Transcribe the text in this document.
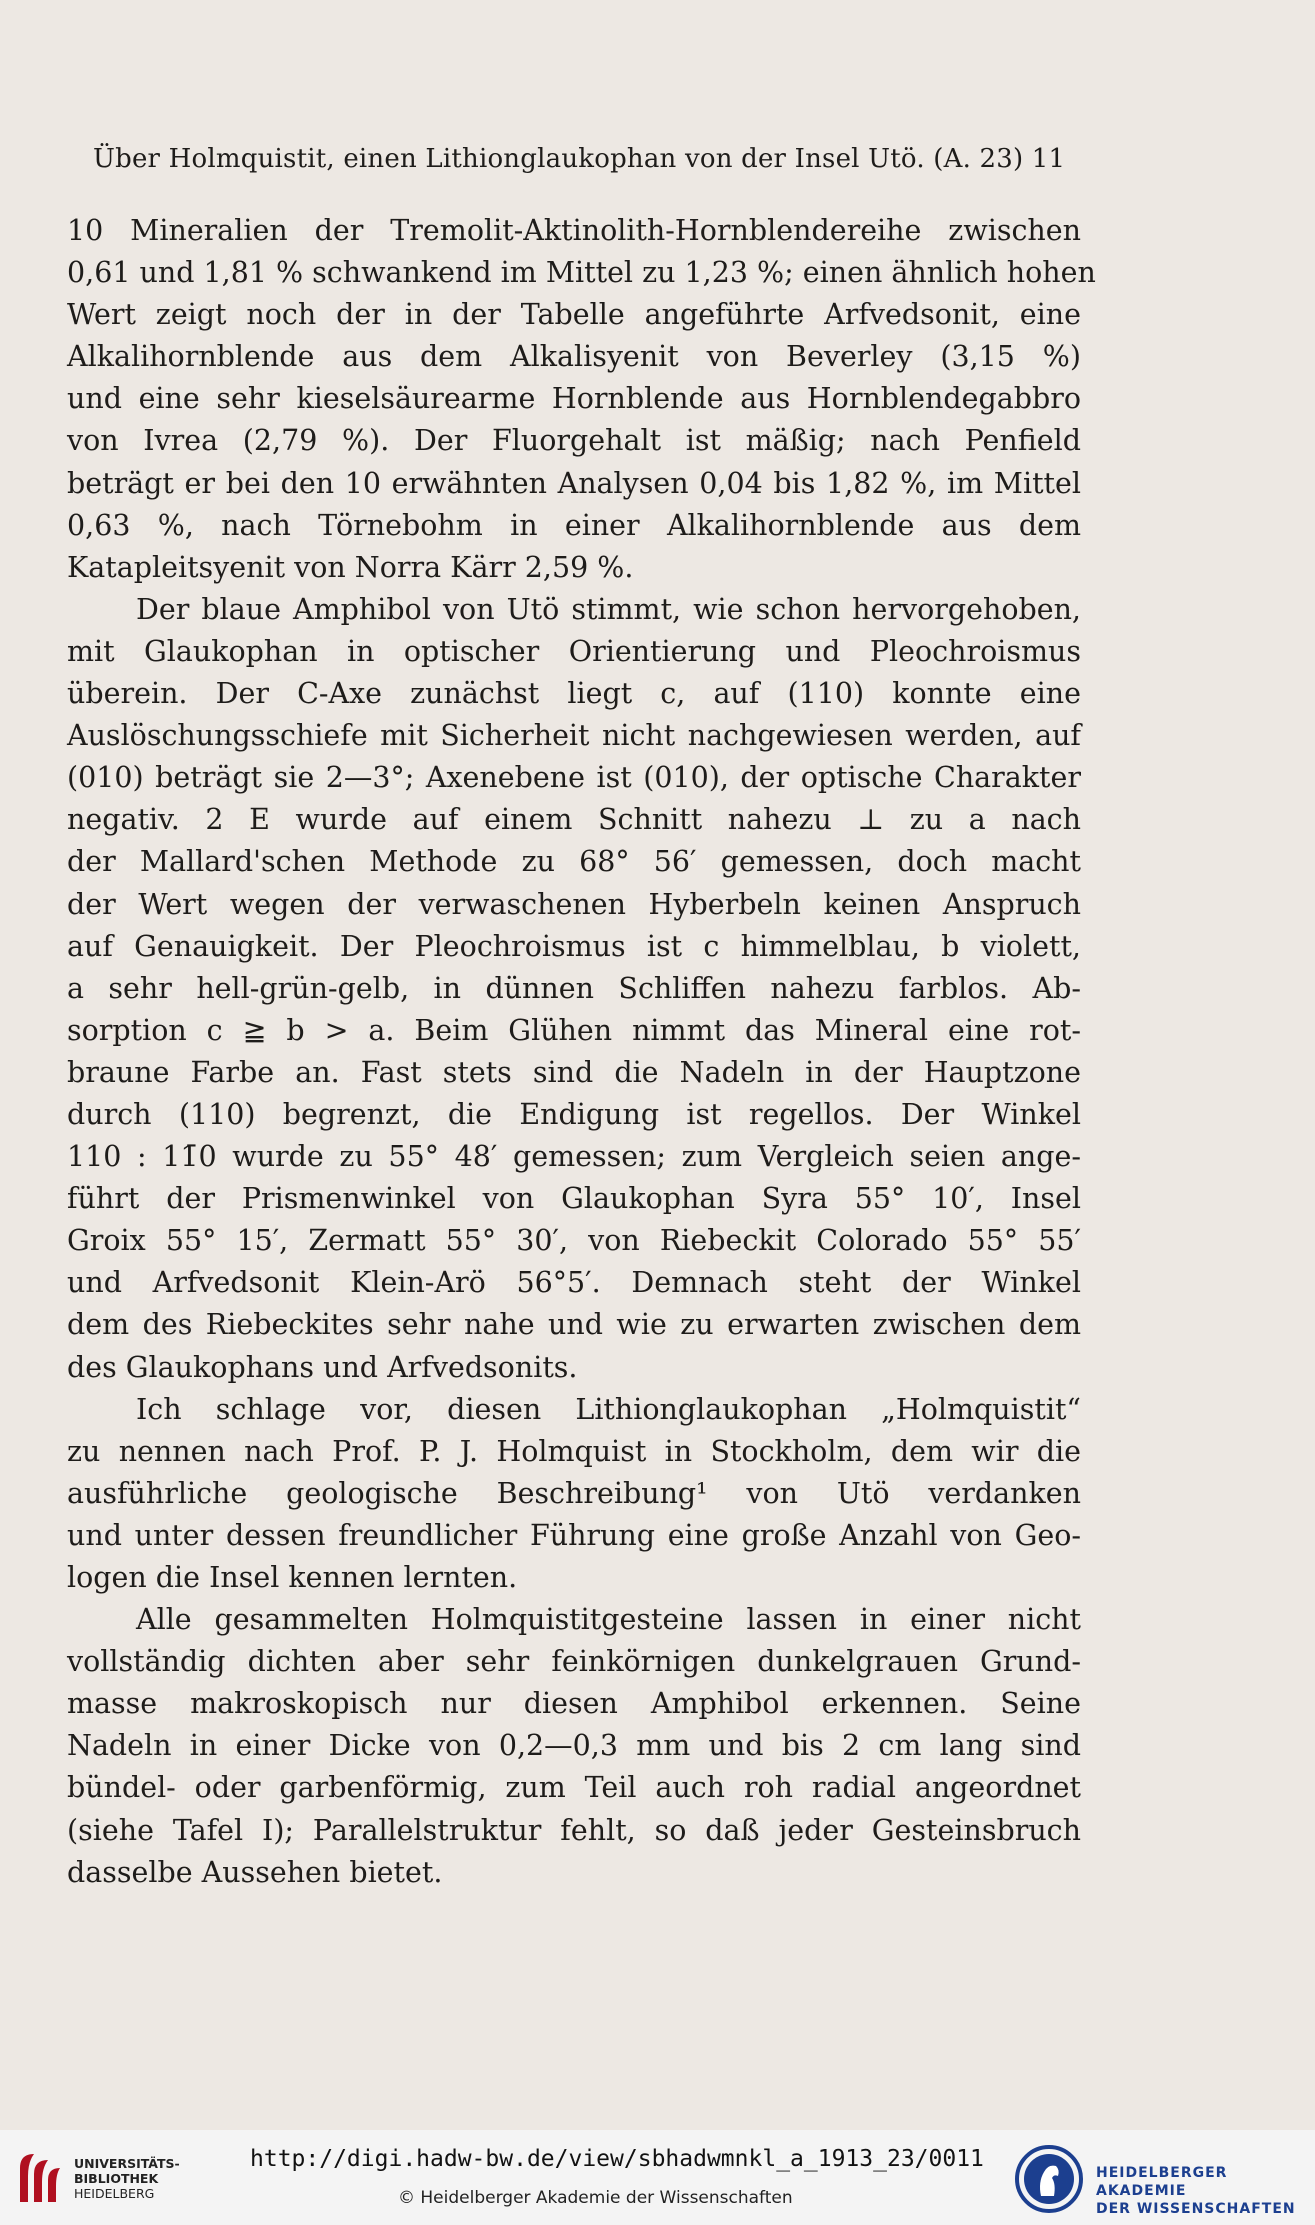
Über Holmquistit, einen Lithionglaukophan von der Insel Utö. (A. 23) 11
10 Mineralien der Tremolit-Aktinolith-Hornblendereihe zwischen
0,61 und 1,81 % schwankend im Mittel zu 1,23 %; einen ähnlich hohen
Wert zeigt noch der in der Tabelle angeführte Arfvedsonit, eine
Alkalihornblende aus dem Alkalisyenit von Beverley (3,15 %)
und eine sehr kieselsäurearme Hornblende aus Hornblendegabbro
von Ivrea (2,79 %). Der Fluorgehalt ist mäßig; nach Penfield
beträgt er bei den 10 erwähnten Analysen 0,04 bis 1,82 %, im Mittel
0,63 %, nach Törnebohm in einer Alkalihornblende aus dem
Katapleitsyenit von Norra Kärr 2,59 %.
Der blaue Amphibol von Utö stimmt, wie schon hervorgehoben,
mit Glaukophan in optischer Orientierung und Pleochroismus
überein. Der C-Axe zunächst liegt c, auf (110) konnte eine
Auslöschungsschiefe mit Sicherheit nicht nachgewiesen werden, auf
(010) beträgt sie 2—3°; Axenebene ist (010), der optische Charakter
negativ. 2 E wurde auf einem Schnitt nahezu ⊥ zu a nach
der Mallard'schen Methode zu 68° 56′ gemessen, doch macht
der Wert wegen der verwaschenen Hyberbeln keinen Anspruch
auf Genauigkeit. Der Pleochroismus ist c himmelblau, b violett,
a sehr hell-grün-gelb, in dünnen Schliffen nahezu farblos. Ab-
sorption c ≧ b > a. Beim Glühen nimmt das Mineral eine rot-
braune Farbe an. Fast stets sind die Nadeln in der Hauptzone
durch (110) begrenzt, die Endigung ist regellos. Der Winkel
110 : 11̄0 wurde zu 55° 48′ gemessen; zum Vergleich seien ange-
führt der Prismenwinkel von Glaukophan Syra 55° 10′, Insel
Groix 55° 15′, Zermatt 55° 30′, von Riebeckit Colorado 55° 55′
und Arfvedsonit Klein-Arö 56°5′. Demnach steht der Winkel
dem des Riebeckites sehr nahe und wie zu erwarten zwischen dem
des Glaukophans und Arfvedsonits.
Ich schlage vor, diesen Lithionglaukophan „Holmquistit“
zu nennen nach Prof. P. J. Holmquist in Stockholm, dem wir die
ausführliche geologische Beschreibung¹ von Utö verdanken
und unter dessen freundlicher Führung eine große Anzahl von Geo-
logen die Insel kennen lernten.
Alle gesammelten Holmquistitgesteine lassen in einer nicht
vollständig dichten aber sehr feinkörnigen dunkelgrauen Grund-
masse makroskopisch nur diesen Amphibol erkennen. Seine
Nadeln in einer Dicke von 0,2—0,3 mm und bis 2 cm lang sind
bündel- oder garbenförmig, zum Teil auch roh radial angeordnet
(siehe Tafel I); Parallelstruktur fehlt, so daß jeder Gesteinsbruch
dasselbe Aussehen bietet.
UNIVERSITÄTS-
BIBLIOTHEK
HEIDELBERG
http://digi.hadw-bw.de/view/sbhadwmnkl_a_1913_23/0011
© Heidelberger Akademie der Wissenschaften
HEIDELBERGER AKADEMIE
DER WISSENSCHAFTEN
